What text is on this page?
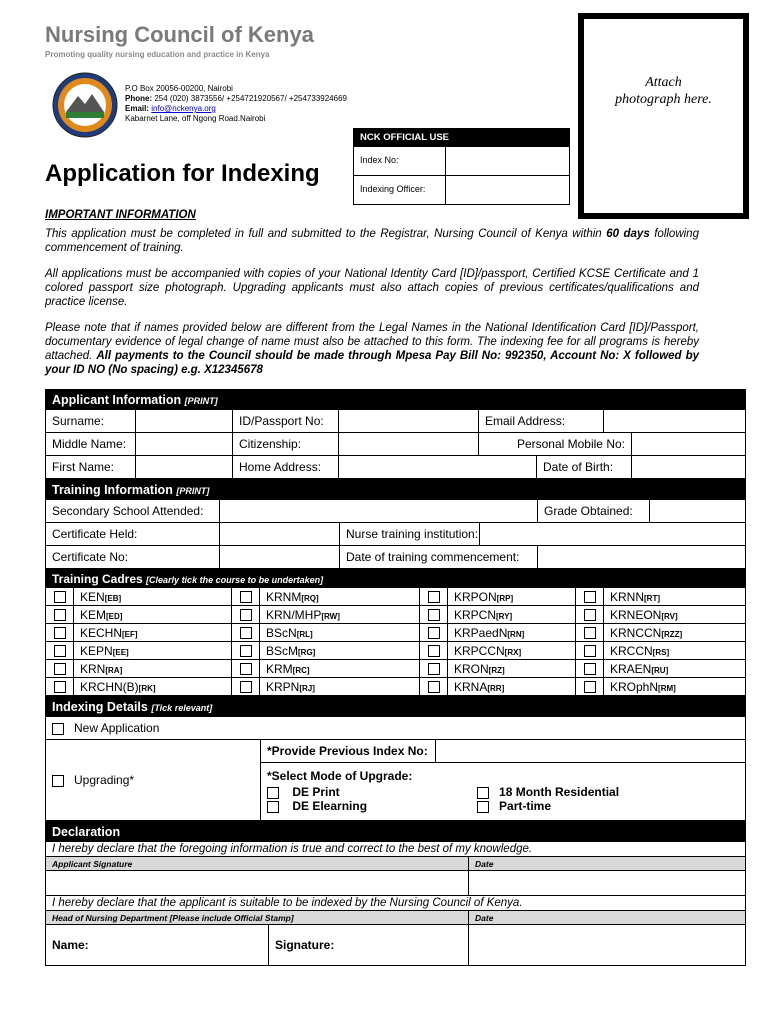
Nursing Council of Kenya
Promoting quality nursing education and practice in Kenya
P.O Box 20056-00200, Nairobi
Phone: 254 (020) 3873556/ +254721920567/ +254733924669
Email: info@nckenya.org
Kabarnet Lane, off Ngong Road.Nairobi
NCK OFFICIAL USE
Index No:
Indexing Officer:
Attach photograph here.
Application for Indexing
IMPORTANT INFORMATION
This application must be completed in full and submitted to the Registrar, Nursing Council of Kenya within 60 days following commencement of training.
All applications must be accompanied with copies of your National Identity Card [ID]/passport, Certified KCSE Certificate and 1 colored passport size photograph. Upgrading applicants must also attach copies of previous certificates/qualifications and practice license.
Please note that if names provided below are different from the Legal Names in the National Identification Card [ID]/Passport, documentary evidence of legal change of name must also be attached to this form. The indexing fee for all programs is hereby attached. All payments to the Council should be made through Mpesa Pay Bill No: 992350, Account No: X followed by your ID NO (No spacing) e.g. X12345678
Applicant Information [PRINT]							
Surname:		ID/Passport No:		Email Address:			
Middle Name:		Citizenship:		Personal Mobile No:			
First Name:		Home Address:			Date of Birth:		
Training Information [PRINT]					
Secondary School Attended:				Grade Obtained:	
Certificate Held:		Nurse training institution:			
Certificate No:		Date of training commencement:			
Training Cadres [Clearly tick the course to be undertaken]							
	KEN[EB]		KRNM[RQ]		KRPON[RP]		KRNN[RT]
	KEM[ED]		KRN/MHP[RW]		KRPCN[RY]		KRNEON[RV]
	KECHN[EF]		BScN[RL]		KRPaedN[RN]		KRNCCN[RZZ]
	KEPN[EE]		BScM[RG]		KRPCCN[RX]		KRCCN[RS]
	KRN[RA]		KRM[RC]		KRON[RZ]		KRAEN[RU]
	KRCHN(B)[RK]		KRPN[RJ]		KRNA[RR]		KROphN[RM]
Indexing Details [Tick relevant]
New Application
Upgrading*	*Provide Previous Index No:	

*Select Mode of Upgrade:
DE Print
DE Elearning
18 Month Residential
Part-time
Declaration		
I hereby declare that the foregoing information is true and correct to the best of my knowledge.		
Applicant Signature		Date

I hereby declare that the applicant is suitable to be indexed by the Nursing Council of Kenya.		
Head of Nursing Department [Please include Official Stamp]		Date
Name:	Signature:	
